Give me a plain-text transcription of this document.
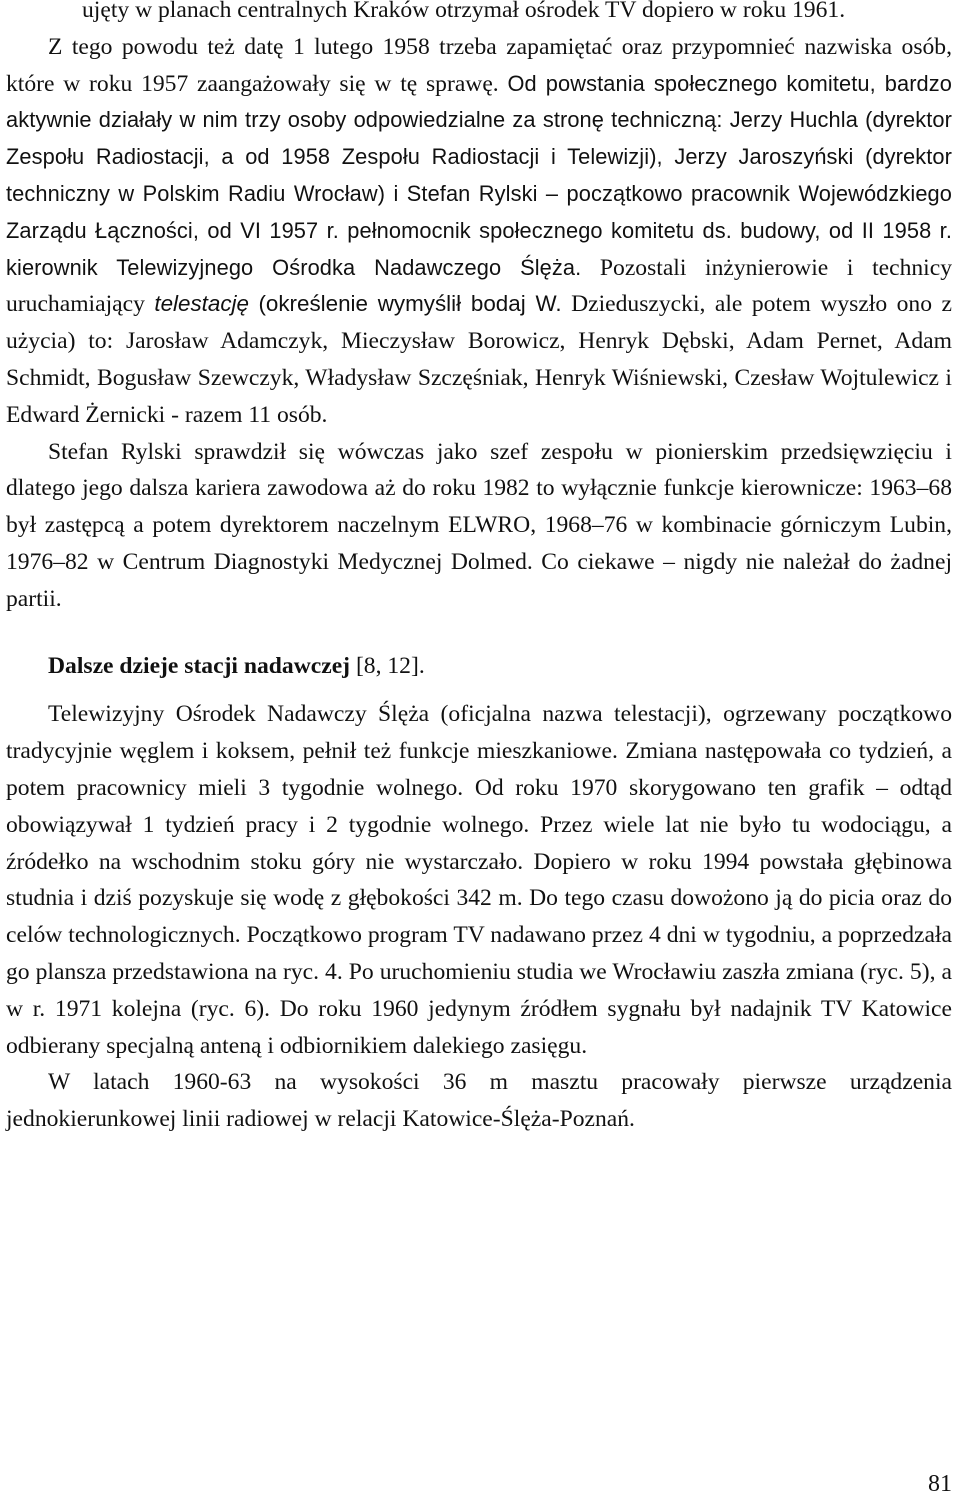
ujęty w planach centralnych Kraków otrzymał ośrodek TV dopiero w roku 1961.

Z tego powodu też datę 1 lutego 1958 trzeba zapamiętać oraz przypomnieć nazwiska osób, które w roku 1957 zaangażowały się w tę sprawę. Od powstania społecznego komitetu, bardzo aktywnie działały w nim trzy osoby odpowiedzialne za stronę techniczną: Jerzy Huchla (dyrektor Zespołu Radiostacji, a od 1958 Zespołu Radiostacji i Telewizji), Jerzy Jaroszyński (dyrektor techniczny w Polskim Radiu Wrocław) i Stefan Rylski – początkowo pracownik Wojewódzkiego Zarządu Łączności, od VI 1957 r. pełnomocnik społecznego komitetu ds. budowy, od II 1958 r. kierownik Telewizyjnego Ośrodka Nadawczego Ślęża. Pozostali inżynierowie i technicy uruchamiający telestację (określenie wymyślił bodaj W. Dzieduszycki, ale potem wyszło ono z użycia) to: Jarosław Adamczyk, Mieczysław Borowicz, Henryk Dębski, Adam Pernet, Adam Schmidt, Bogusław Szewczyk, Władysław Szczęśniak, Henryk Wiśniewski, Czesław Wojtulewicz i Edward Żernicki - razem 11 osób.

Stefan Rylski sprawdził się wówczas jako szef zespołu w pionierskim przedsięwzięciu i dlatego jego dalsza kariera zawodowa aż do roku 1982 to wyłącznie funkcje kierownicze: 1963–68 był zastępcą a potem dyrektorem naczelnym ELWRO, 1968–76 w kombinacie górniczym Lubin, 1976–82 w Centrum Diagnostyki Medycznej Dolmed. Co ciekawe – nigdy nie należał do żadnej partii.

Dalsze dzieje stacji nadawczej [8, 12].

Telewizyjny Ośrodek Nadawczy Ślęża (oficjalna nazwa telestacji), ogrzewany początkowo tradycyjnie węglem i koksem, pełnił też funkcje mieszkaniowe. Zmiana następowała co tydzień, a potem pracownicy mieli 3 tygodnie wolnego. Od roku 1970 skorygowano ten grafik – odtąd obowiązywał 1 tydzień pracy i 2 tygodnie wolnego. Przez wiele lat nie było tu wodociągu, a źródełko na wschodnim stoku góry nie wystarczało. Dopiero w roku 1994 powstała głębinowa studnia i dziś pozyskuje się wodę z głębokości 342 m. Do tego czasu dowożono ją do picia oraz do celów technologicznych. Początkowo program TV nadawano przez 4 dni w tygodniu, a poprzedzała go plansza przedstawiona na ryc. 4. Po uruchomieniu studia we Wrocławiu zaszła zmiana (ryc. 5), a w r. 1971 kolejna (ryc. 6). Do roku 1960 jedynym źródłem sygnału był nadajnik TV Katowice odbierany specjalną anteną i odbiornikiem dalekiego zasięgu.

W latach 1960-63 na wysokości 36 m masztu pracowały pierwsze urządzenia jednokierunkowej linii radiowej w relacji Katowice-Ślęża-Poznań.

81
